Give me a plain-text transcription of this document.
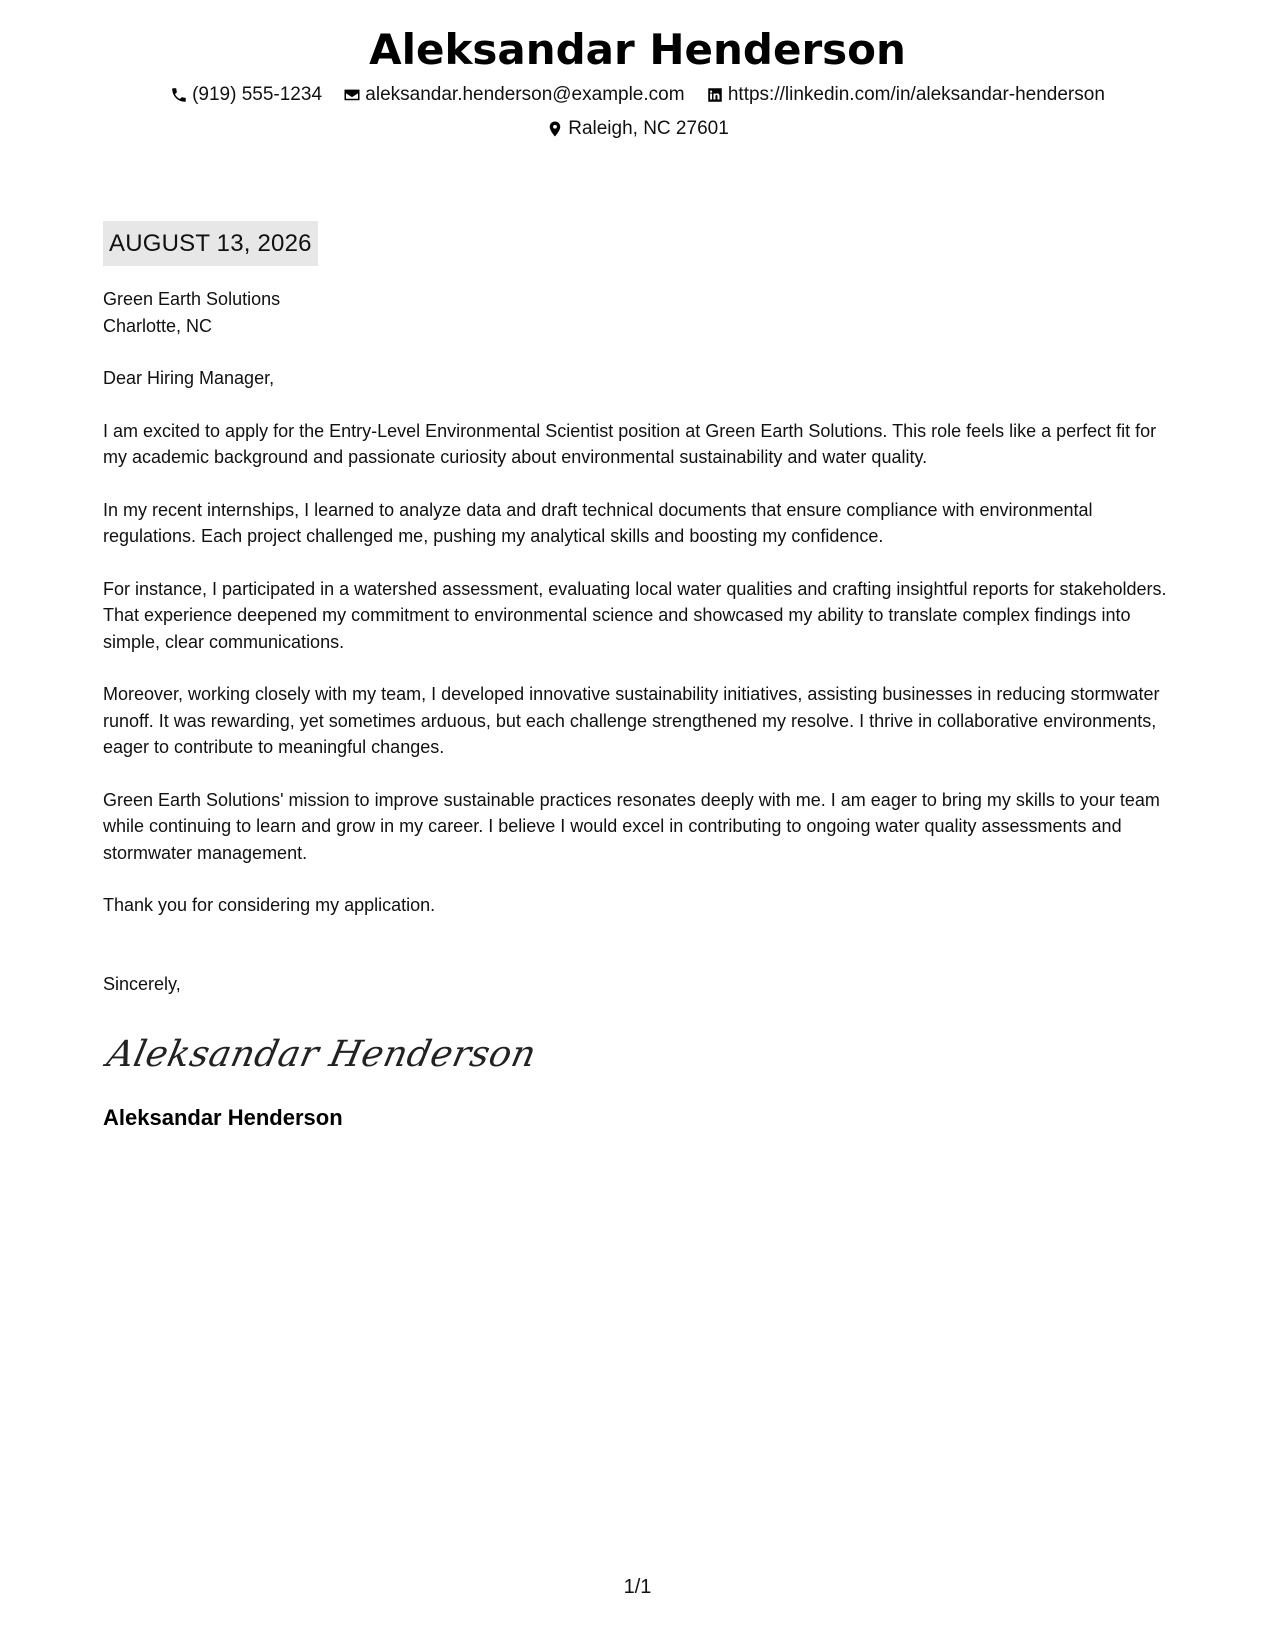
Aleksandar Henderson
(919) 555-1234
aleksandar.henderson@example.com
https://linkedin.com/in/aleksandar-henderson
Raleigh, NC 27601
AUGUST 13, 2026

Green Earth Solutions
Charlotte, NC

Dear Hiring Manager,

I am excited to apply for the Entry-Level Environmental Scientist position at Green Earth Solutions. This role feels like a perfect fit for my academic background and passionate curiosity about environmental sustainability and water quality.

In my recent internships, I learned to analyze data and draft technical documents that ensure compliance with environmental regulations. Each project challenged me, pushing my analytical skills and boosting my confidence.

For instance, I participated in a watershed assessment, evaluating local water qualities and crafting insightful reports for stakeholders. That experience deepened my commitment to environmental science and showcased my ability to translate complex findings into simple, clear communications.

Moreover, working closely with my team, I developed innovative sustainability initiatives, assisting businesses in reducing stormwater runoff. It was rewarding, yet sometimes arduous, but each challenge strengthened my resolve. I thrive in collaborative environments, eager to contribute to meaningful changes.

Green Earth Solutions' mission to improve sustainable practices resonates deeply with me. I am eager to bring my skills to your team while continuing to learn and grow in my career. I believe I would excel in contributing to ongoing water quality assessments and stormwater management.

Thank you for considering my application.

Sincerely,
Aleksandar Henderson
Aleksandar Henderson
1/1
